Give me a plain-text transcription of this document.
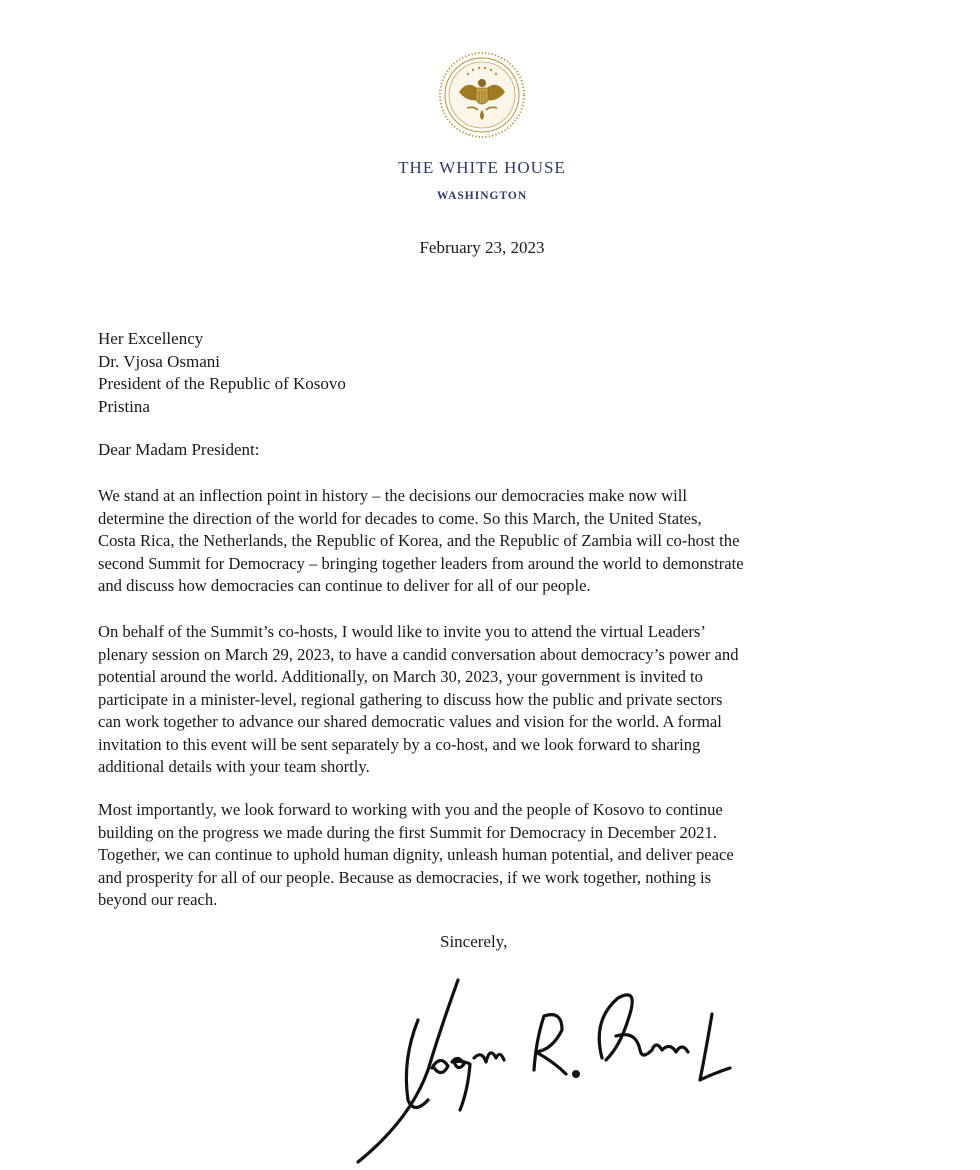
THE WHITE HOUSE
WASHINGTON
February 23, 2023
Her Excellency
Dr. Vjosa Osmani
President of the Republic of Kosovo
Pristina
Dear Madam President:
We stand at an inflection point in history – the decisions our democracies make now will
determine the direction of the world for decades to come. So this March, the United States,
Costa Rica, the Netherlands, the Republic of Korea, and the Republic of Zambia will co-host the
second Summit for Democracy – bringing together leaders from around the world to demonstrate
and discuss how democracies can continue to deliver for all of our people.
On behalf of the Summit’s co-hosts, I would like to invite you to attend the virtual Leaders’
plenary session on March 29, 2023, to have a candid conversation about democracy’s power and
potential around the world. Additionally, on March 30, 2023, your government is invited to
participate in a minister-level, regional gathering to discuss how the public and private sectors
can work together to advance our shared democratic values and vision for the world. A formal
invitation to this event will be sent separately by a co-host, and we look forward to sharing
additional details with your team shortly.
Most importantly, we look forward to working with you and the people of Kosovo to continue
building on the progress we made during the first Summit for Democracy in December 2021.
Together, we can continue to uphold human dignity, unleash human potential, and deliver peace
and prosperity for all of our people. Because as democracies, if we work together, nothing is
beyond our reach.
Sincerely,
